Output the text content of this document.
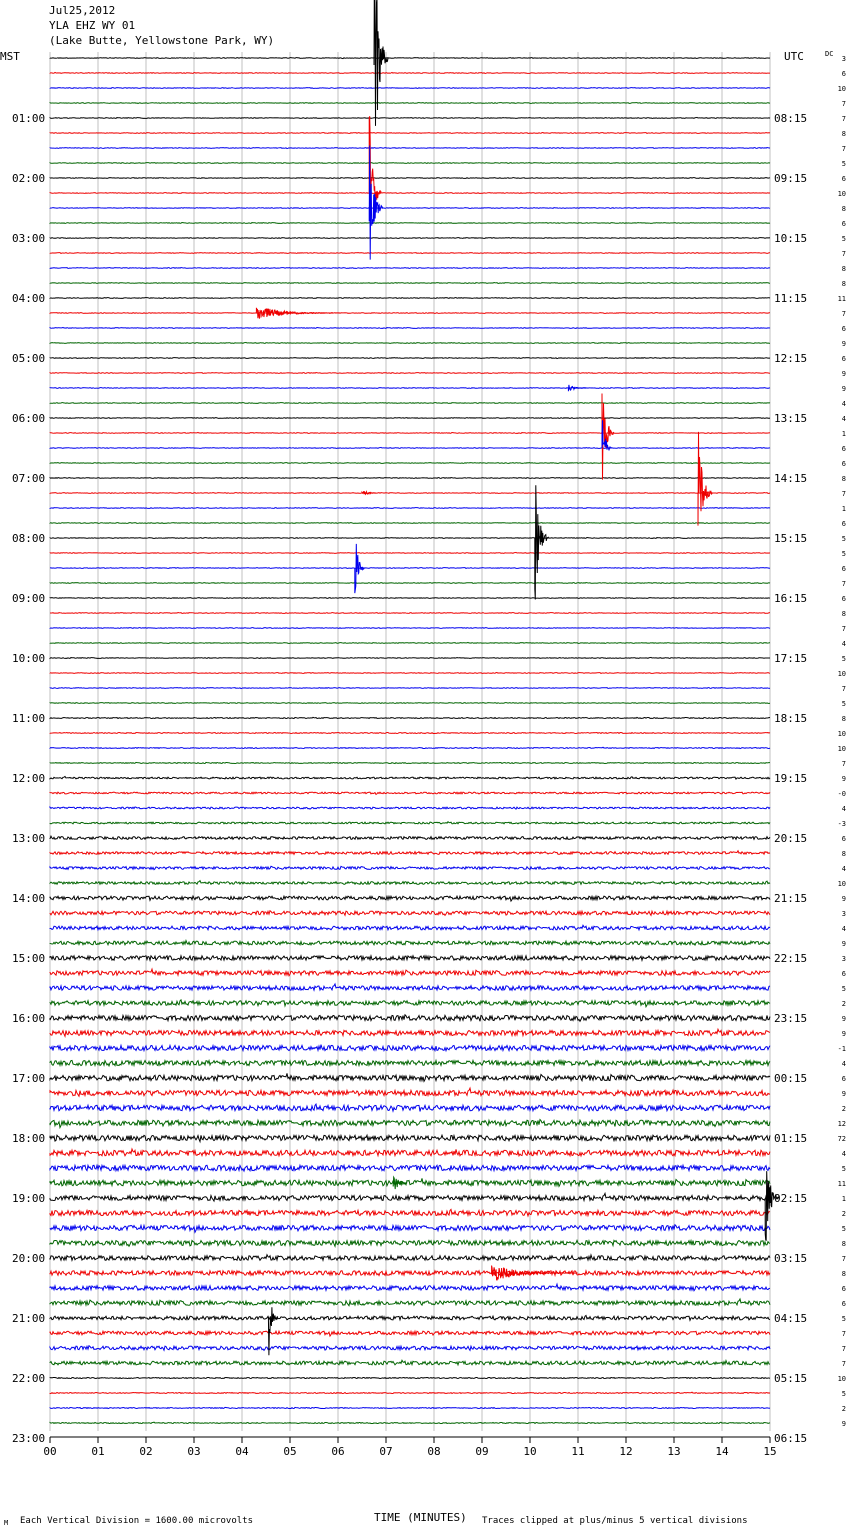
00	01	02	03	04	05	06	07	08	09	10	11	12	13	14	15
MST	UTC	DC
01:00
02:00
03:00
04:00
05:00
06:00
07:00
08:00
09:00
10:00
11:00
12:00
13:00
14:00
15:00
16:00
17:00
18:00
19:00
20:00
21:00
22:00
23:00
08:15
09:15
10:15
11:15
12:15
13:15
14:15
15:15
16:15
17:15
18:15
19:15
20:15
21:15
22:15
23:15
00:15
01:15
02:15
03:15
04:15
05:15
06:15
3
6
10
7
7
8
7
5
6
10
8
6
5
7
8
8
11
7
6
9
6
9
9
4
4
1
6
6
8
7
1
6
5
5
6
7
6
8
7
4
5
10
7
5
8
10
10
7
9
-0
4
-3
6
8
4
10
9
3
4
9
3
6
5
2
9
9
-1
4
6
9
2
12
72
4
5
11
1
2
5
8
7
8
6
6
5
7
7
7
10
5
2
9
Jul25,2012
YLA EHZ WY 01
(Lake Butte, Yellowstone Park, WY)
M Each Vertical Division = 1600.00 microvolts	TIME (MINUTES) Traces clipped at plus/minus 5 vertical divisions
